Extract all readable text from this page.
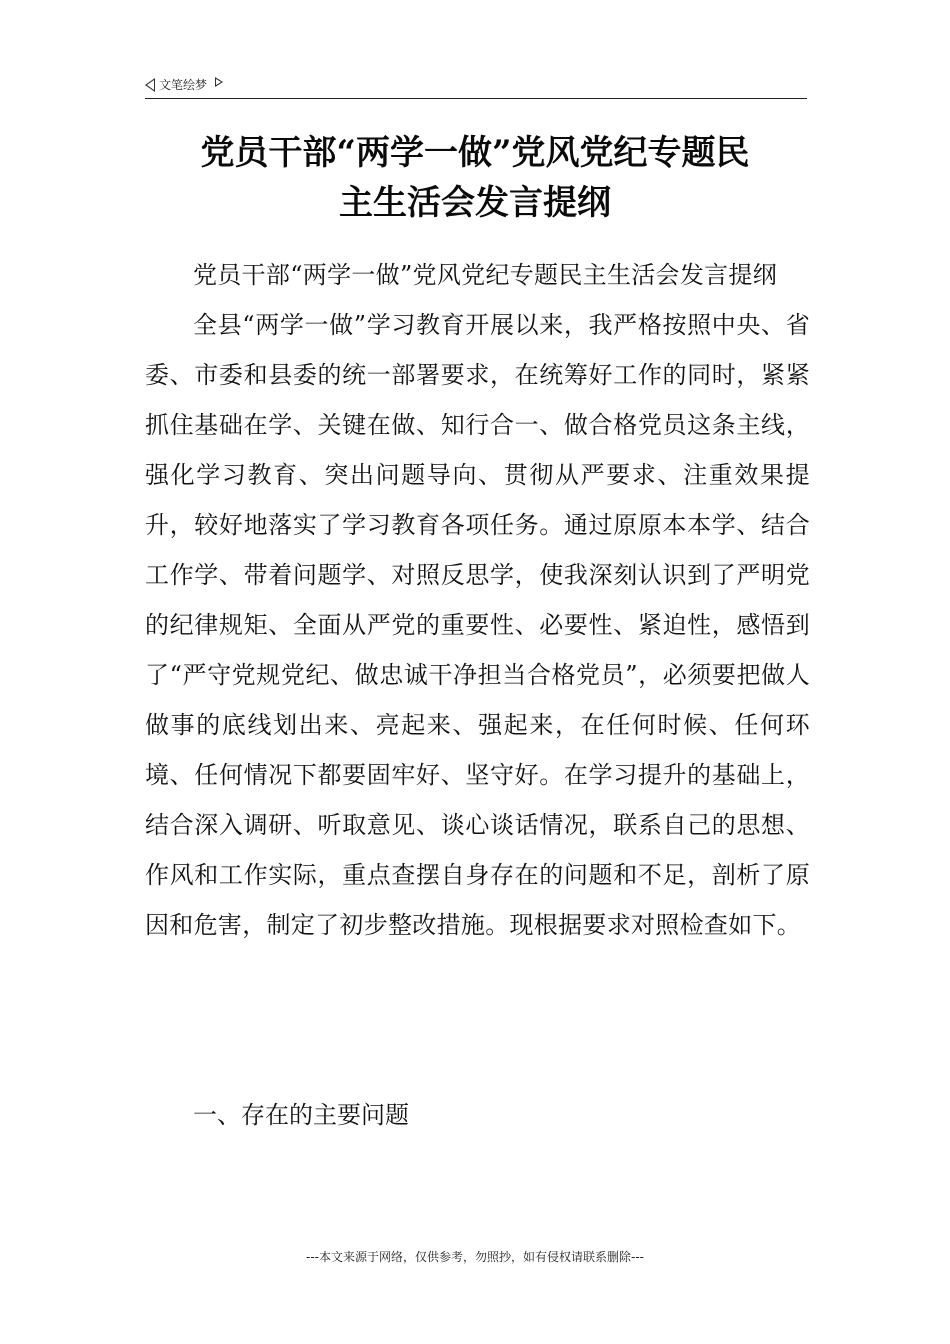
文笔绘梦
党员干部“两学一做”党风党纪专题民
主生活会发言提纲

党员干部“两学一做”党风党纪专题民主生活会发言提纲

全县“两学一做”学习教育开展以来，我严格按照中央、省委、市委和县委的统一部署要求，在统筹好工作的同时，紧紧抓住基础在学、关键在做、知行合一、做合格党员这条主线，强化学习教育、突出问题导向、贯彻从严要求、注重效果提升，较好地落实了学习教育各项任务。通过原原本本学、结合工作学、带着问题学、对照反思学，使我深刻认识到了严明党的纪律规矩、全面从严党的重要性、必要性、紧迫性，感悟到了“严守党规党纪、做忠诚干净担当合格党员”，必须要把做人做事的底线划出来、亮起来、强起来，在任何时候、任何环境、任何情况下都要固牢好、坚守好。在学习提升的基础上，结合深入调研、听取意见、谈心谈话情况，联系自己的思想、作风和工作实际，重点查摆自身存在的问题和不足，剖析了原因和危害，制定了初步整改措施。现根据要求对照检查如下。

一、存在的主要问题

---本文来源于网络，仅供参考，勿照抄，如有侵权请联系删除---
